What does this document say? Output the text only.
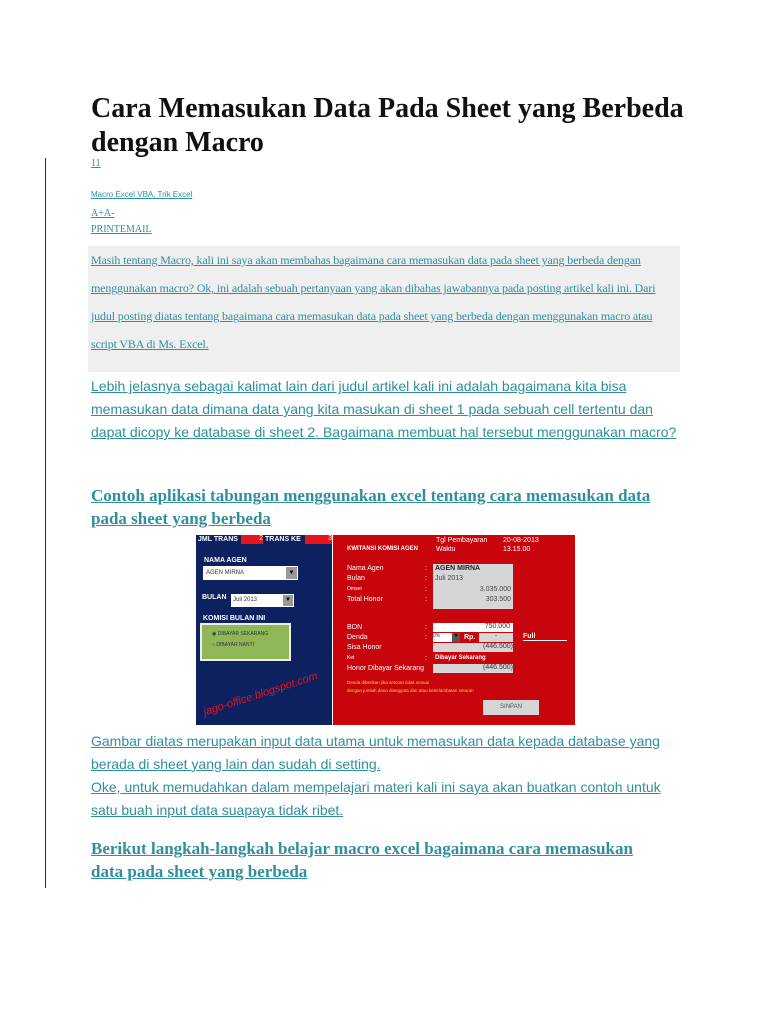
Cara Memasukan Data Pada Sheet yang Berbeda dengan Macro
11
Macro Excel VBA, Trik Excel
A+A-
PRINTEMAIL

Masih tentang Macro, kali ini saya akan membahas bagaimana cara memasukan data pada sheet yang berbeda dengan

menggunakan macro? Ok, ini adalah sebuah pertanyaan yang akan dibahas jawabannya pada posting artikel kali ini. Dari

judul posting diatas tentang bagaimana cara memasukan data pada sheet yang berbeda dengan menggunakan macro atau

script VBA di Ms. Excel.

Lebih jelasnya sebagai kalimat lain dari judul artikel kali ini adalah bagaimana kita bisa
memasukan data dimana data yang kita masukan di sheet 1 pada sebuah cell tertentu dan
dapat dicopy ke database di sheet 2. Bagaimana membuat hal tersebut menggunakan macro?
Contoh aplikasi tabungan menggunakan excel tentang cara memasukan data
pada sheet yang berbeda
JML TRANS	2 TRANS KE	3
NAMA AGEN
AGEN MIRNA	▼
BULAN	Juli 2013	▼
KOMISI BULAN INI
◉ DIBAYAR SEKARANG
○ DIBAYAR NANTI
jago-office.blogspot.com
Tgl Pembayaran 20-08-2013
KWITANSI KOMISI AGEN	Waktu	13.15.00
Nama Agen	: AGEN MIRNA
Bulan	: Juli 2013
Omset	:	3.035.000
Total Honor	:	303.500
BON	:	750.000
Denda	: 0%	▼ Rp.	-	Full
Sisa Honor	(446.500)
Ket	: Dibayar Sekarang
Honor Dibayar Sekarang	(446.500)
Denda diberikan jika setoran tidak sesuai
dengan jumlah dana dianggota dan atau keterlambatan setoran
SINPAN
Gambar diatas merupakan input data utama untuk memasukan data kepada database yang
berada di sheet yang lain dan sudah di setting.
Oke, untuk memudahkan dalam mempelajari materi kali ini saya akan buatkan contoh untuk
satu buah input data suapaya tidak ribet.
Berikut langkah-langkah belajar macro excel bagaimana cara memasukan
data pada sheet yang berbeda
